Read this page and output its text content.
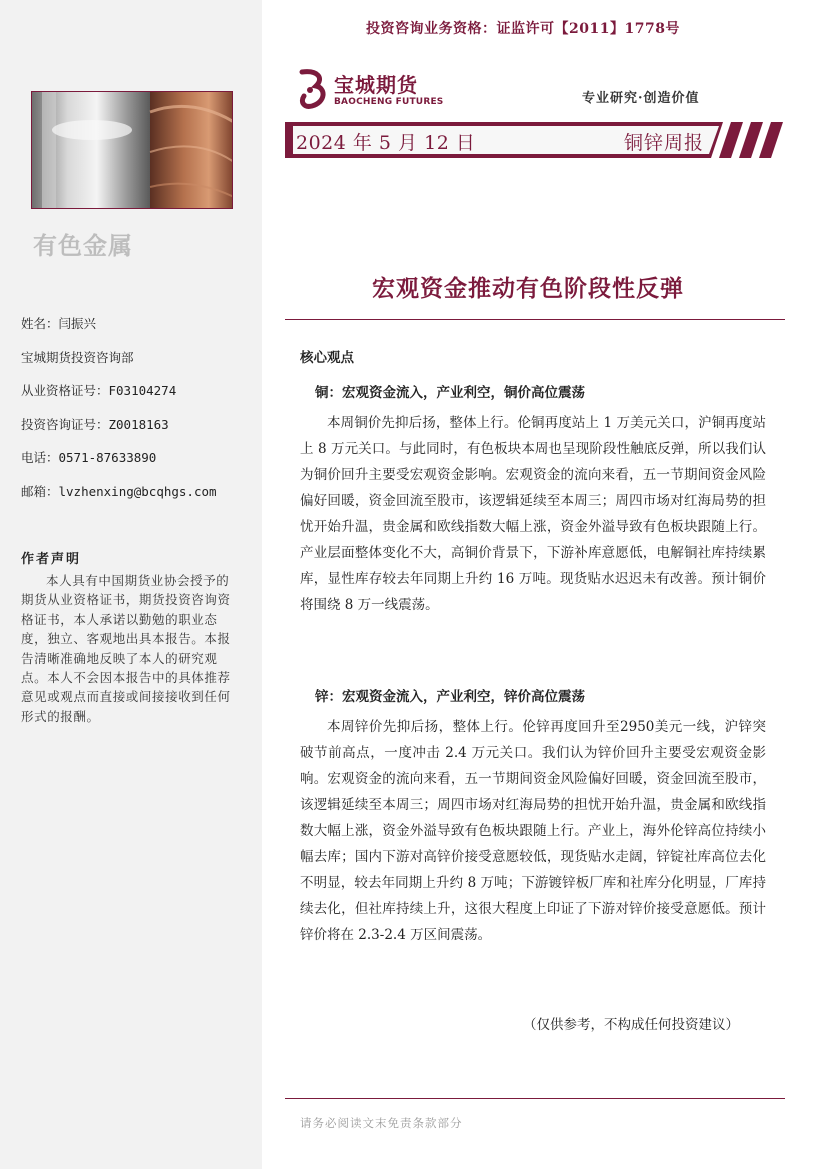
有色金属
姓名：闫振兴
宝城期货投资咨询部
从业资格证号：F03104274
投资咨询证号：Z0018163
电话：0571-87633890
邮箱：lvzhenxing@bcqhgs.com
作者声明
本人具有中国期货业协会授予的期货从业资格证书，期货投资咨询资格证书，本人承诺以勤勉的职业态度，独立、客观地出具本报告。本报告清晰准确地反映了本人的研究观点。本人不会因本报告中的具体推荐意见或观点而直接或间接接收到任何形式的报酬。
投资咨询业务资格：证监许可【2011】1778号
宝城期货
BAOCHENG FUTURES	专业研究·创造价值
2024 年 5 月 12 日	铜锌周报
宏观资金推动有色阶段性反弹
核心观点
铜：宏观资金流入，产业利空，铜价高位震荡
本周铜价先抑后扬，整体上行。伦铜再度站上 1 万美元关口，沪铜再度站上 8 万元关口。与此同时，有色板块本周也呈现阶段性触底反弹，所以我们认为铜价回升主要受宏观资金影响。宏观资金的流向来看，五一节期间资金风险偏好回暖，资金回流至股市，该逻辑延续至本周三；周四市场对红海局势的担忧开始升温，贵金属和欧线指数大幅上涨，资金外溢导致有色板块跟随上行。产业层面整体变化不大，高铜价背景下，下游补库意愿低，电解铜社库持续累库，显性库存较去年同期上升约 16 万吨。现货贴水迟迟未有改善。预计铜价将围绕 8 万一线震荡。
锌：宏观资金流入，产业利空，锌价高位震荡
本周锌价先抑后扬，整体上行。伦锌再度回升至2950美元一线，沪锌突破节前高点，一度冲击 2.4 万元关口。我们认为锌价回升主要受宏观资金影响。宏观资金的流向来看，五一节期间资金风险偏好回暖，资金回流至股市，该逻辑延续至本周三；周四市场对红海局势的担忧开始升温，贵金属和欧线指数大幅上涨，资金外溢导致有色板块跟随上行。产业上，海外伦锌高位持续小幅去库；国内下游对高锌价接受意愿较低，现货贴水走阔，锌锭社库高位去化不明显，较去年同期上升约 8 万吨；下游镀锌板厂库和社库分化明显，厂库持续去化，但社库持续上升，这很大程度上印证了下游对锌价接受意愿低。预计锌价将在 2.3-2.4 万区间震荡。
（仅供参考，不构成任何投资建议）
请务必阅读文末免责条款部分
